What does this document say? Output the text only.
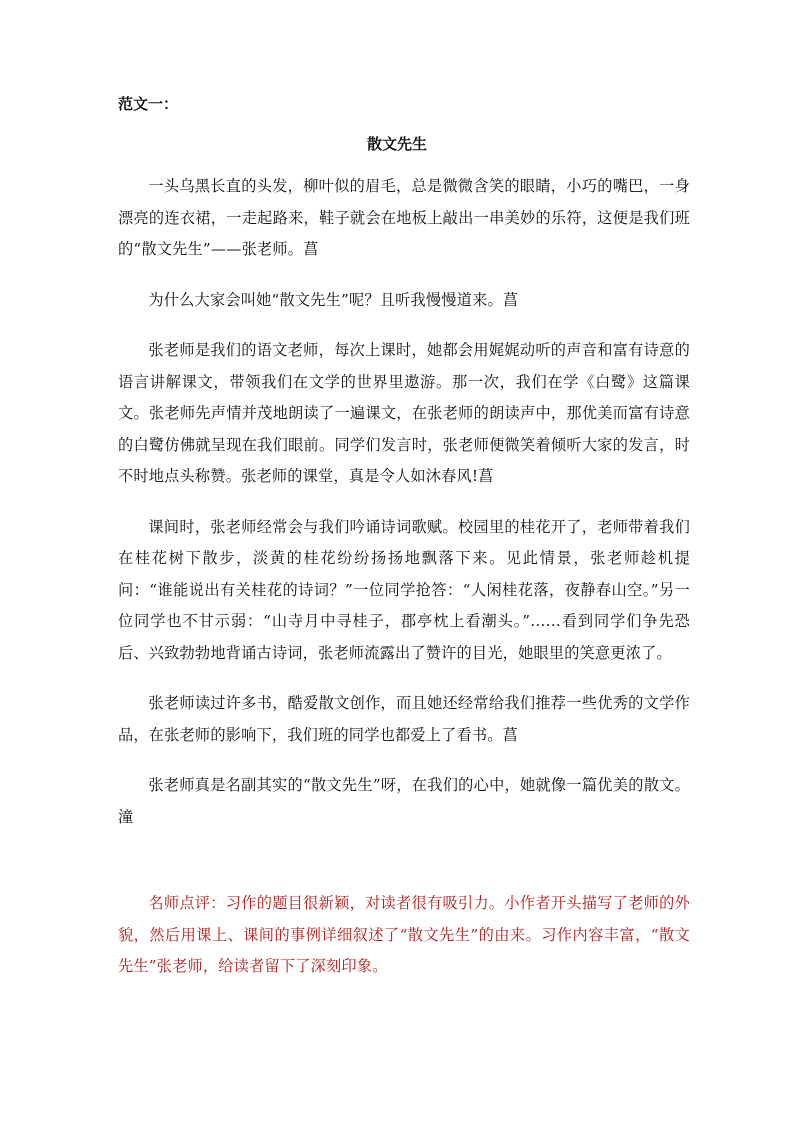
范文一：
散文先生

一头乌黑长直的头发，柳叶似的眉毛，总是微微含笑的眼睛，小巧的嘴巴，一身漂亮的连衣裙，一走起路来，鞋子就会在地板上敲出一串美妙的乐符，这便是我们班的“散文先生”——张老师。菖

为什么大家会叫她“散文先生”呢？且听我慢慢道来。菖

张老师是我们的语文老师，每次上课时，她都会用娓娓动听的声音和富有诗意的语言讲解课文，带领我们在文学的世界里遨游。那一次，我们在学《白鹭》这篇课文。张老师先声情并茂地朗读了一遍课文，在张老师的朗读声中，那优美而富有诗意的白鹭仿佛就呈现在我们眼前。同学们发言时，张老师便微笑着倾听大家的发言，时不时地点头称赞。张老师的课堂，真是令人如沐春风!菖

课间时，张老师经常会与我们吟诵诗词歌赋。校园里的桂花开了，老师带着我们在桂花树下散步，淡黄的桂花纷纷扬扬地飘落下来。见此情景，张老师趁机提问：“谁能说出有关桂花的诗词？”一位同学抢答：“人闲桂花落，夜静春山空。”另一位同学也不甘示弱：“山寺月中寻桂子，郡亭枕上看潮头。”……看到同学们争先恐后、兴致勃勃地背诵古诗词，张老师流露出了赞许的目光，她眼里的笑意更浓了。

张老师读过许多书，酷爱散文创作，而且她还经常给我们推荐一些优秀的文学作品，在张老师的影响下，我们班的同学也都爱上了看书。菖

张老师真是名副其实的“散文先生”呀，在我们的心中，她就像一篇优美的散文。潼

名师点评：习作的题目很新颖，对读者很有吸引力。小作者开头描写了老师的外貌，然后用课上、课间的事例详细叙述了“散文先生”的由来。习作内容丰富，“散文先生”张老师，给读者留下了深刻印象。
